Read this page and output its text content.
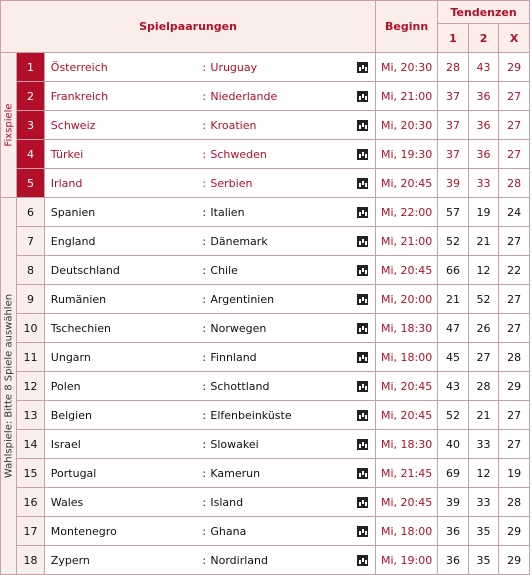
Spielpaarungen						Beginn	Tendenzen		
							1	2	X

Fixspiele	1	Österreich	:	Uruguay		Mi, 20:30	28	43	29
	2	Frankreich	:	Niederlande		Mi, 21:00	37	36	27
	3	Schweiz	:	Kroatien		Mi, 20:30	37	36	27
	4	Türkei	:	Schweden		Mi, 19:30	37	36	27
	5	Irland	:	Serbien		Mi, 20:45	39	33	28

Wahlspiele: Bitte 8 Spiele auswählen	6	Spanien	:	Italien		Mi, 22:00	57	19	24
	7	England	:	Dänemark		Mi, 21:00	52	21	27
	8	Deutschland	:	Chile		Mi, 20:45	66	12	22
	9	Rumänien	:	Argentinien		Mi, 20:00	21	52	27
	10	Tschechien	:	Norwegen		Mi, 18:30	47	26	27
	11	Ungarn	:	Finnland		Mi, 18:00	45	27	28
	12	Polen	:	Schottland		Mi, 20:45	43	28	29
	13	Belgien	:	Elfenbeinküste		Mi, 20:45	52	21	27
	14	Israel	:	Slowakei		Mi, 18:30	40	33	27
	15	Portugal	:	Kamerun		Mi, 21:45	69	12	19
	16	Wales	:	Island		Mi, 20:45	39	33	28
	17	Montenegro	:	Ghana		Mi, 18:00	36	35	29
	18	Zypern	:	Nordirland		Mi, 19:00	36	35	29
